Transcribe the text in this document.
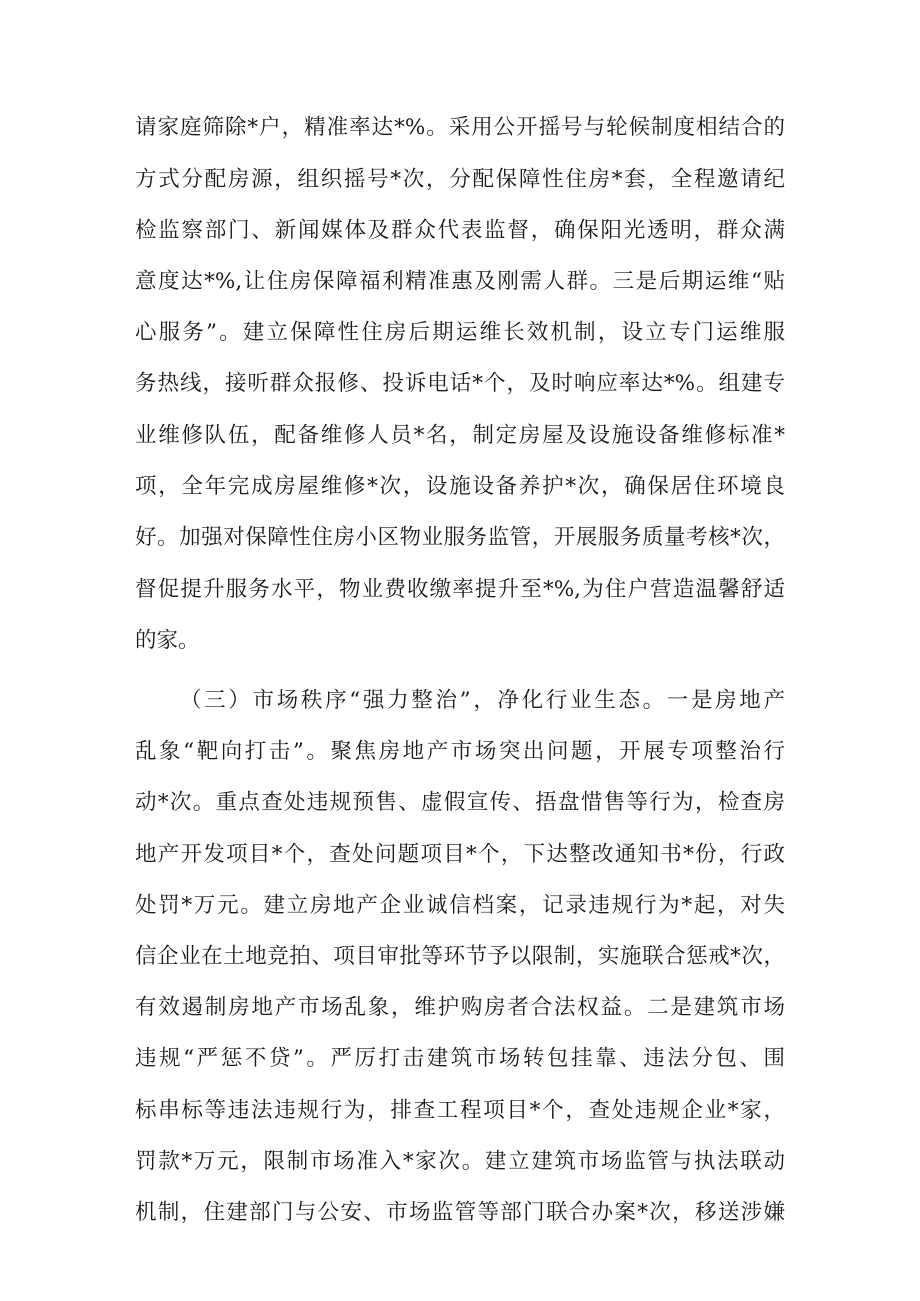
请家庭筛除*户，精准率达*%。采用公开摇号与轮候制度相结合的
方式分配房源，组织摇号*次，分配保障性住房*套，全程邀请纪
检监察部门、新闻媒体及群众代表监督，确保阳光透明，群众满
意度达*%,让住房保障福利精准惠及刚需人群。三是后期运维“贴
心服务”。建立保障性住房后期运维长效机制，设立专门运维服
务热线，接听群众报修、投诉电话*个，及时响应率达*%。组建专
业维修队伍，配备维修人员*名，制定房屋及设施设备维修标准*
项，全年完成房屋维修*次，设施设备养护*次，确保居住环境良
好。加强对保障性住房小区物业服务监管，开展服务质量考核*次，
督促提升服务水平，物业费收缴率提升至*%,为住户营造温馨舒适
的家。
（三）市场秩序“强力整治”，净化行业生态。一是房地产
乱象“靶向打击”。聚焦房地产市场突出问题，开展专项整治行
动*次。重点查处违规预售、虚假宣传、捂盘惜售等行为，检查房
地产开发项目*个，查处问题项目*个，下达整改通知书*份，行政
处罚*万元。建立房地产企业诚信档案，记录违规行为*起，对失
信企业在土地竞拍、项目审批等环节予以限制，实施联合惩戒*次，
有效遏制房地产市场乱象，维护购房者合法权益。二是建筑市场
违规“严惩不贷”。严厉打击建筑市场转包挂靠、违法分包、围
标串标等违法违规行为，排查工程项目*个，查处违规企业*家，
罚款*万元，限制市场准入*家次。建立建筑市场监管与执法联动
机制，住建部门与公安、市场监管等部门联合办案*次，移送涉嫌
